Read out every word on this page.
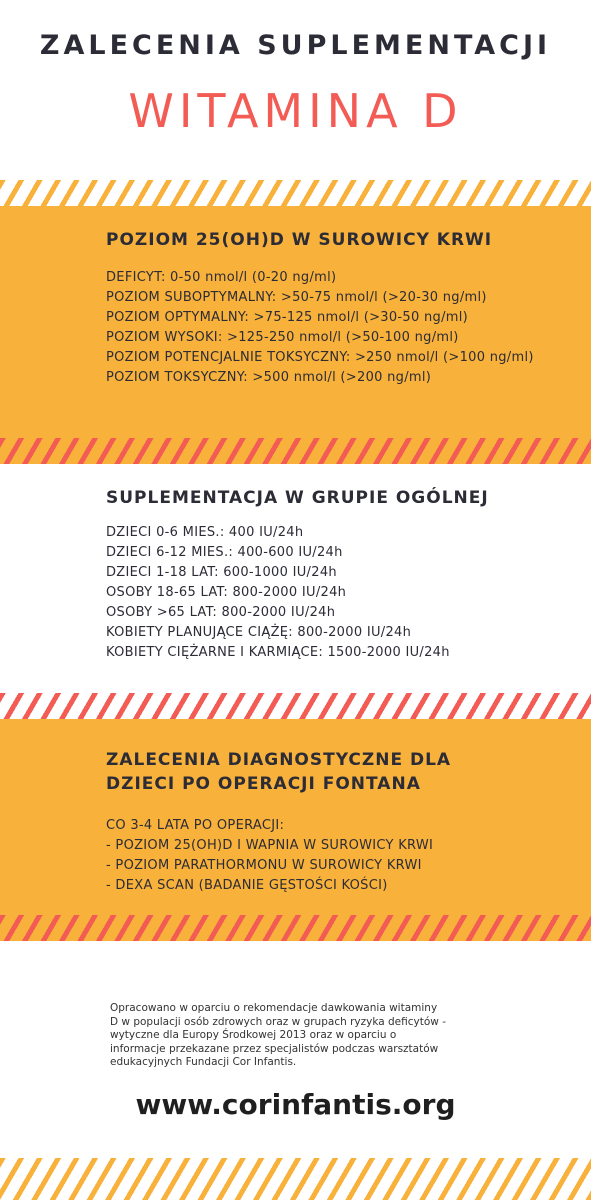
ZALECENIA SUPLEMENTACJI
WITAMINA D
POZIOM 25(OH)D W SUROWICY KRWI
DEFICYT: 0-50 nmol/l (0-20 ng/ml)
POZIOM SUBOPTYMALNY: >50-75 nmol/l (>20-30 ng/ml)
POZIOM OPTYMALNY: >75-125 nmol/l (>30-50 ng/ml)
POZIOM WYSOKI: >125-250 nmol/l (>50-100 ng/ml)
POZIOM POTENCJALNIE TOKSYCZNY: >250 nmol/l (>100 ng/ml)
POZIOM TOKSYCZNY: >500 nmol/l (>200 ng/ml)
SUPLEMENTACJA W GRUPIE OGÓLNEJ
DZIECI 0-6 MIES.: 400 IU/24h
DZIECI 6-12 MIES.: 400-600 IU/24h
DZIECI 1-18 LAT: 600-1000 IU/24h
OSOBY 18-65 LAT: 800-2000 IU/24h
OSOBY >65 LAT: 800-2000 IU/24h
KOBIETY PLANUJĄCE CIĄŻĘ: 800-2000 IU/24h
KOBIETY CIĘŻARNE I KARMIĄCE: 1500-2000 IU/24h
ZALECENIA DIAGNOSTYCZNE DLA
DZIECI PO OPERACJI FONTANA
CO 3-4 LATA PO OPERACJI:
- POZIOM 25(OH)D I WAPNIA W SUROWICY KRWI
- POZIOM PARATHORMONU W SUROWICY KRWI
- DEXA SCAN (BADANIE GĘSTOŚCI KOŚCI)
Opracowano w oparciu o rekomendacje dawkowania witaminy
D w populacji osób zdrowych oraz w grupach ryzyka deficytów -
wytyczne dla Europy Środkowej 2013 oraz w oparciu o
informacje przekazane przez specjalistów podczas warsztatów
edukacyjnych Fundacji Cor Infantis.
www.corinfantis.org
